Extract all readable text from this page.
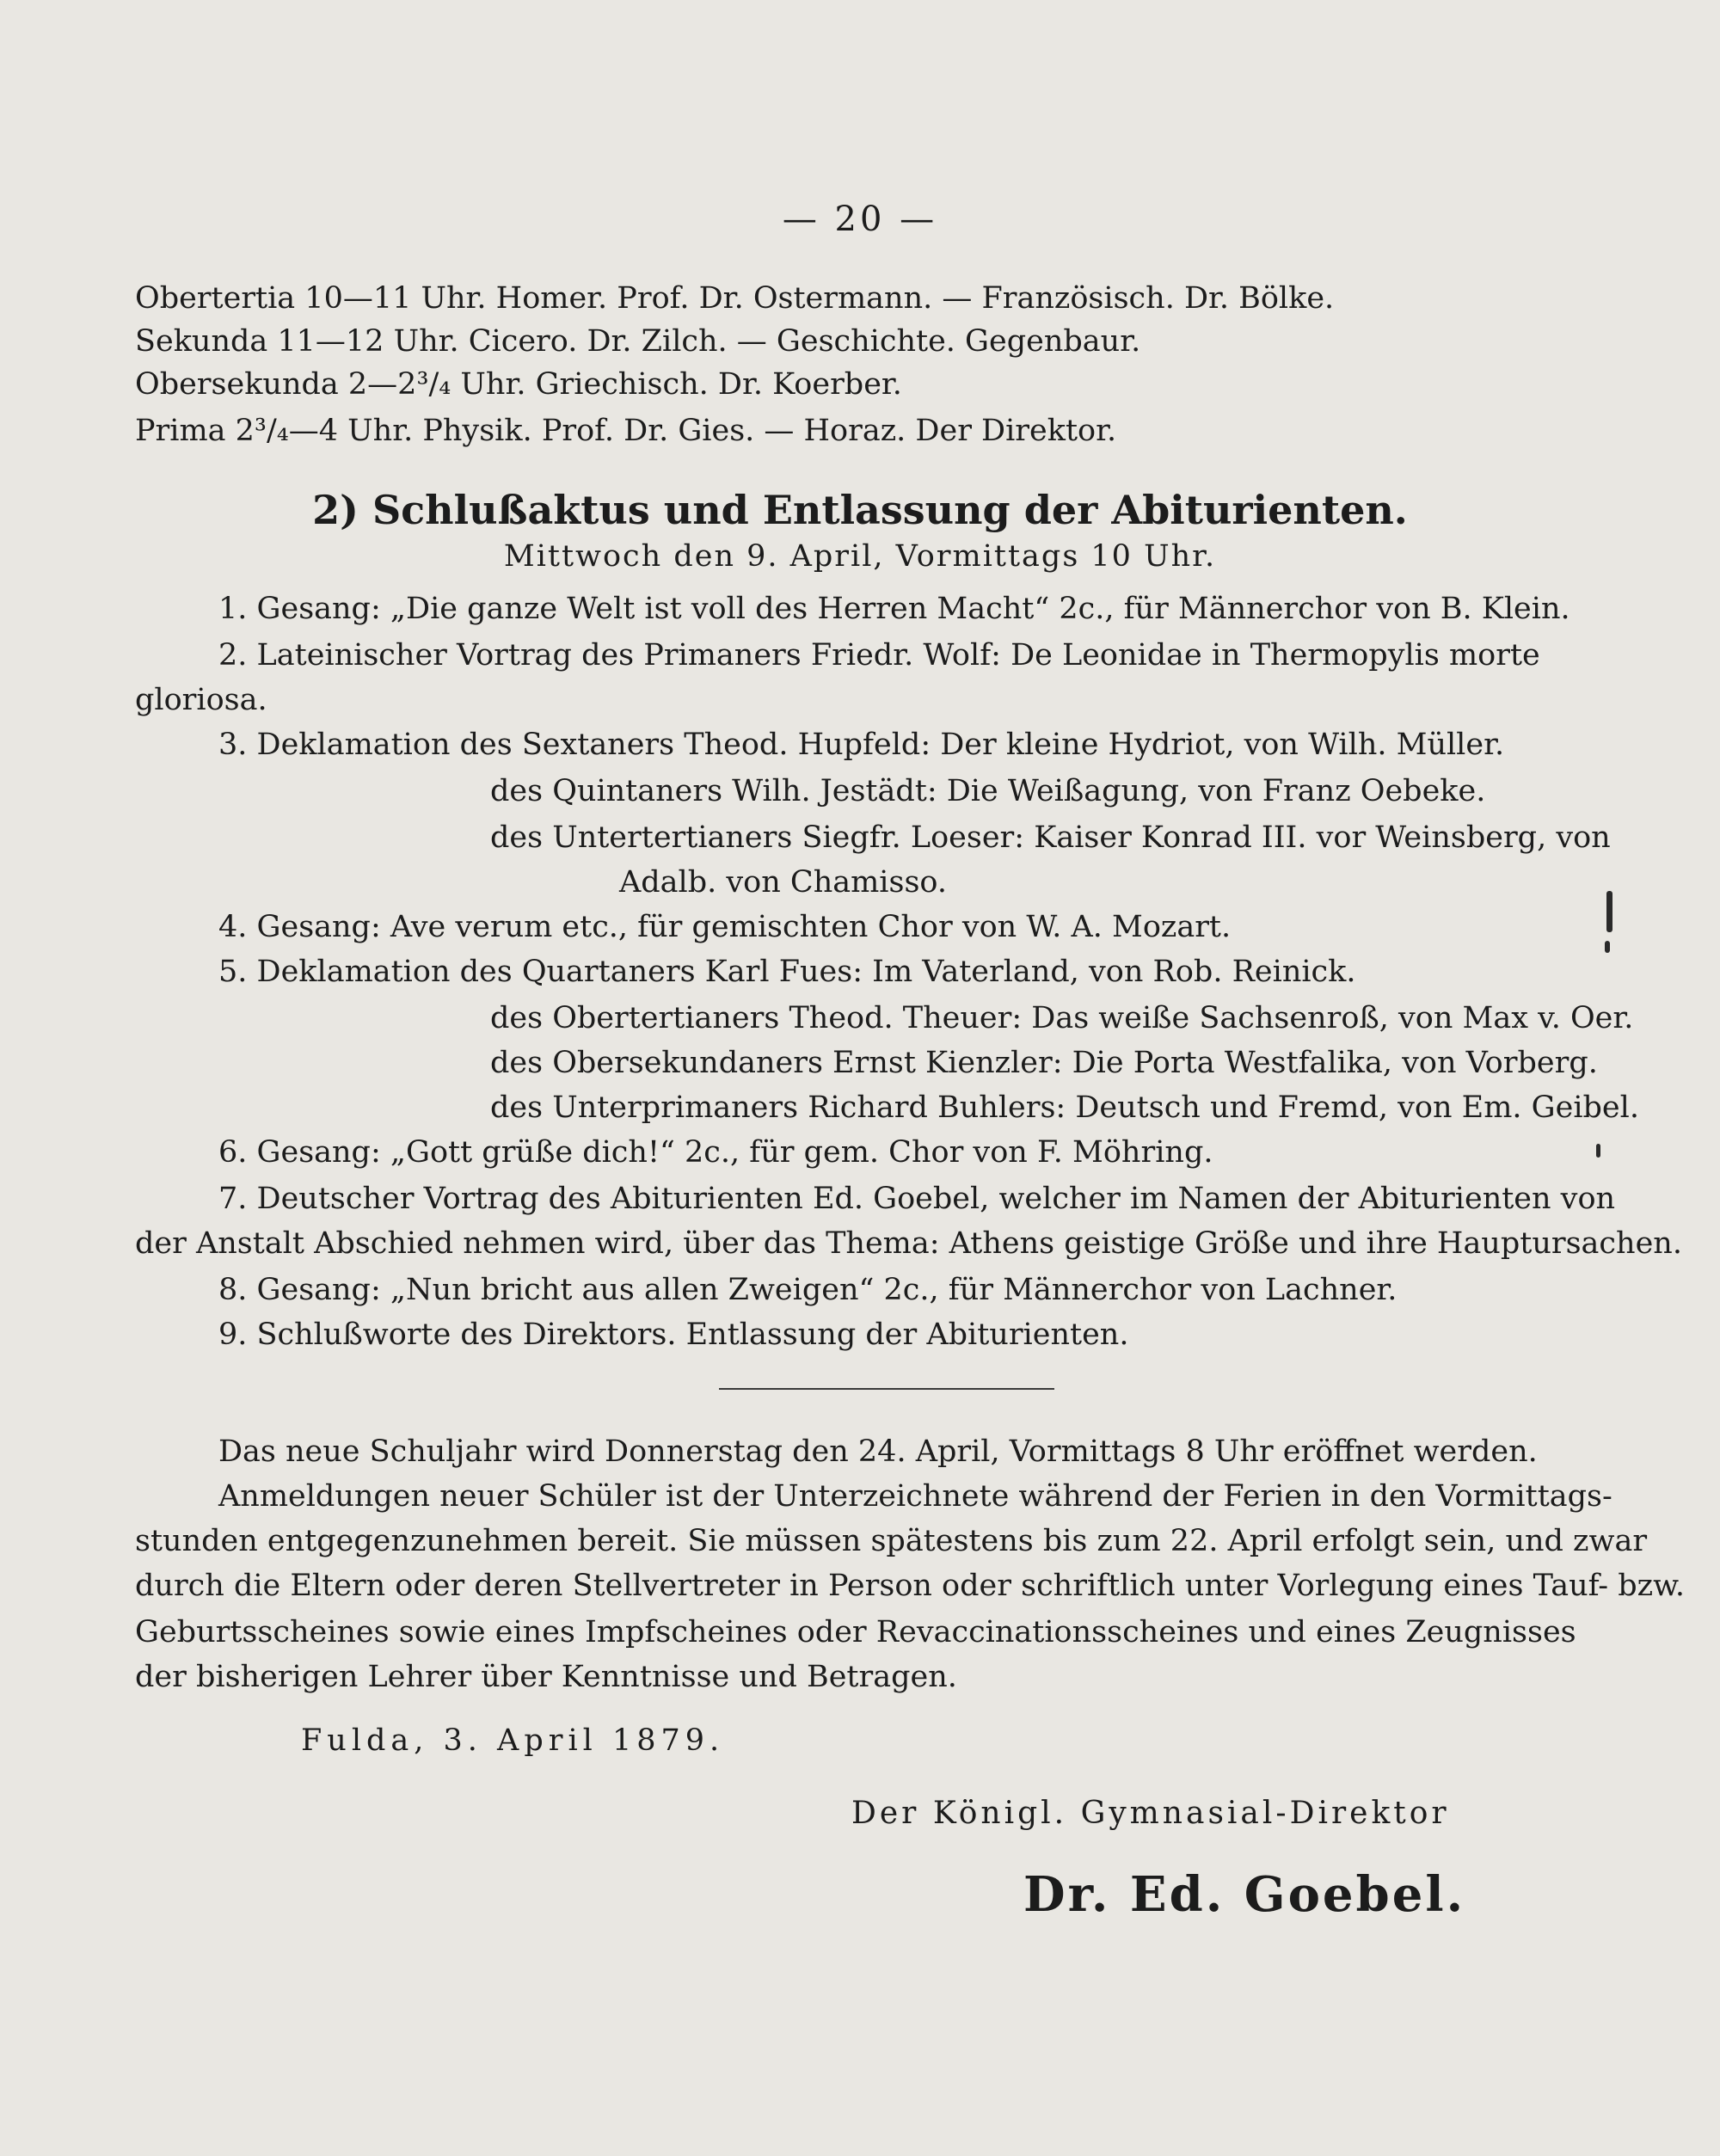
— 20 —
Obertertia 10—11 Uhr. Homer. Prof. Dr. Ostermann. — Französisch. Dr. Bölke.
Sekunda 11—12 Uhr. Cicero. Dr. Zilch. — Geschichte. Gegenbaur.
Obersekunda 2—2³/₄ Uhr. Griechisch. Dr. Koerber.
Prima 2³/₄—4 Uhr. Physik. Prof. Dr. Gies. — Horaz. Der Direktor.
2) Schlußaktus und Entlassung der Abiturienten.
Mittwoch den 9. April, Vormittags 10 Uhr.
1. Gesang: „Die ganze Welt ist voll des Herren Macht“ 2c., für Männerchor von B. Klein.
2. Lateinischer Vortrag des Primaners Friedr. Wolf: De Leonidae in Thermopylis morte
gloriosa.
3. Deklamation des Sextaners Theod. Hupfeld: Der kleine Hydriot, von Wilh. Müller.
des Quintaners Wilh. Jestädt: Die Weißagung, von Franz Oebeke.
des Untertertianers Siegfr. Loeser: Kaiser Konrad III. vor Weinsberg, von
Adalb. von Chamisso.
4. Gesang: Ave verum etc., für gemischten Chor von W. A. Mozart.
5. Deklamation des Quartaners Karl Fues: Im Vaterland, von Rob. Reinick.
des Obertertianers Theod. Theuer: Das weiße Sachsenroß, von Max v. Oer.
des Obersekundaners Ernst Kienzler: Die Porta Westfalika, von Vorberg.
des Unterprimaners Richard Buhlers: Deutsch und Fremd, von Em. Geibel.
6. Gesang: „Gott grüße dich!“ 2c., für gem. Chor von F. Möhring.
7. Deutscher Vortrag des Abiturienten Ed. Goebel, welcher im Namen der Abiturienten von
der Anstalt Abschied nehmen wird, über das Thema: Athens geistige Größe und ihre Hauptursachen.
8. Gesang: „Nun bricht aus allen Zweigen“ 2c., für Männerchor von Lachner.
9. Schlußworte des Direktors. Entlassung der Abiturienten.
Das neue Schuljahr wird Donnerstag den 24. April, Vormittags 8 Uhr eröffnet werden.
Anmeldungen neuer Schüler ist der Unterzeichnete während der Ferien in den Vormittags-
stunden entgegenzunehmen bereit. Sie müssen spätestens bis zum 22. April erfolgt sein, und zwar
durch die Eltern oder deren Stellvertreter in Person oder schriftlich unter Vorlegung eines Tauf- bzw.
Geburtsscheines sowie eines Impfscheines oder Revaccinationsscheines und eines Zeugnisses
der bisherigen Lehrer über Kenntnisse und Betragen.
Fulda, 3. April 1879.
Der Königl. Gymnasial-Direktor
Dr. Ed. Goebel.
